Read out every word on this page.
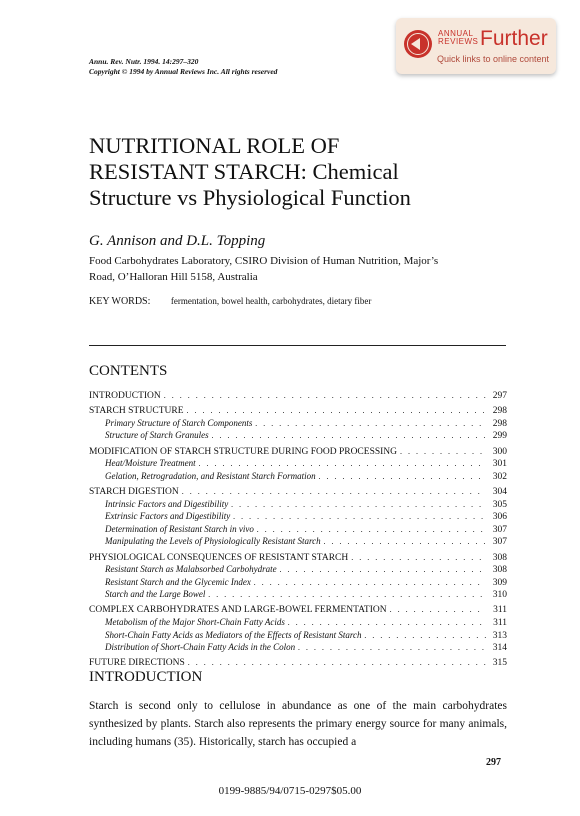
ANNUAL
REVIEWS Further
Quick links to online content
Annu. Rev. Nutr. 1994. 14:297–320
Copyright © 1994 by Annual Reviews Inc. All rights reserved
NUTRITIONAL ROLE OF
RESISTANT STARCH: Chemical
Structure vs Physiological Function
G. Annison and D.L. Topping
Food Carbohydrates Laboratory, CSIRO Division of Human Nutrition, Major’s
Road, O’Halloran Hill 5158, Australia
KEY WORDS: fermentation, bowel health, carbohydrates, dietary fiber
CONTENTS
INTRODUCTION . . .	297
STARCH STRUCTURE . . .	298
Primary Structure of Starch Components . . .	298
Structure of Starch Granules . . .	299
MODIFICATION OF STARCH STRUCTURE DURING FOOD PROCESSING . . .	300
Heat/Moisture Treatment . . .	301
Gelation, Retrogradation, and Resistant Starch Formation . . .	302
STARCH DIGESTION . . .	304
Intrinsic Factors and Digestibility . . .	305
Extrinsic Factors and Digestibility . . .	306
Determination of Resistant Starch in vivo . . .	307
Manipulating the Levels of Physiologically Resistant Starch . . .	307
PHYSIOLOGICAL CONSEQUENCES OF RESISTANT STARCH . . .	308
Resistant Starch as Malabsorbed Carbohydrate . . .	308
Resistant Starch and the Glycemic Index . . .	309
Starch and the Large Bowel . . .	310
COMPLEX CARBOHYDRATES AND LARGE-BOWEL FERMENTATION . . .	311
Metabolism of the Major Short-Chain Fatty Acids . . .	311
Short-Chain Fatty Acids as Mediators of the Effects of Resistant Starch . . .	313
Distribution of Short-Chain Fatty Acids in the Colon . . .	314
FUTURE DIRECTIONS . . .	315
INTRODUCTION

Starch is second only to cellulose in abundance as one of the main carbohydrates synthesized by plants. Starch also represents the primary energy source for many animals, including humans (35). Historically, starch has occupied a

297
0199-9885/94/0715-0297$05.00
